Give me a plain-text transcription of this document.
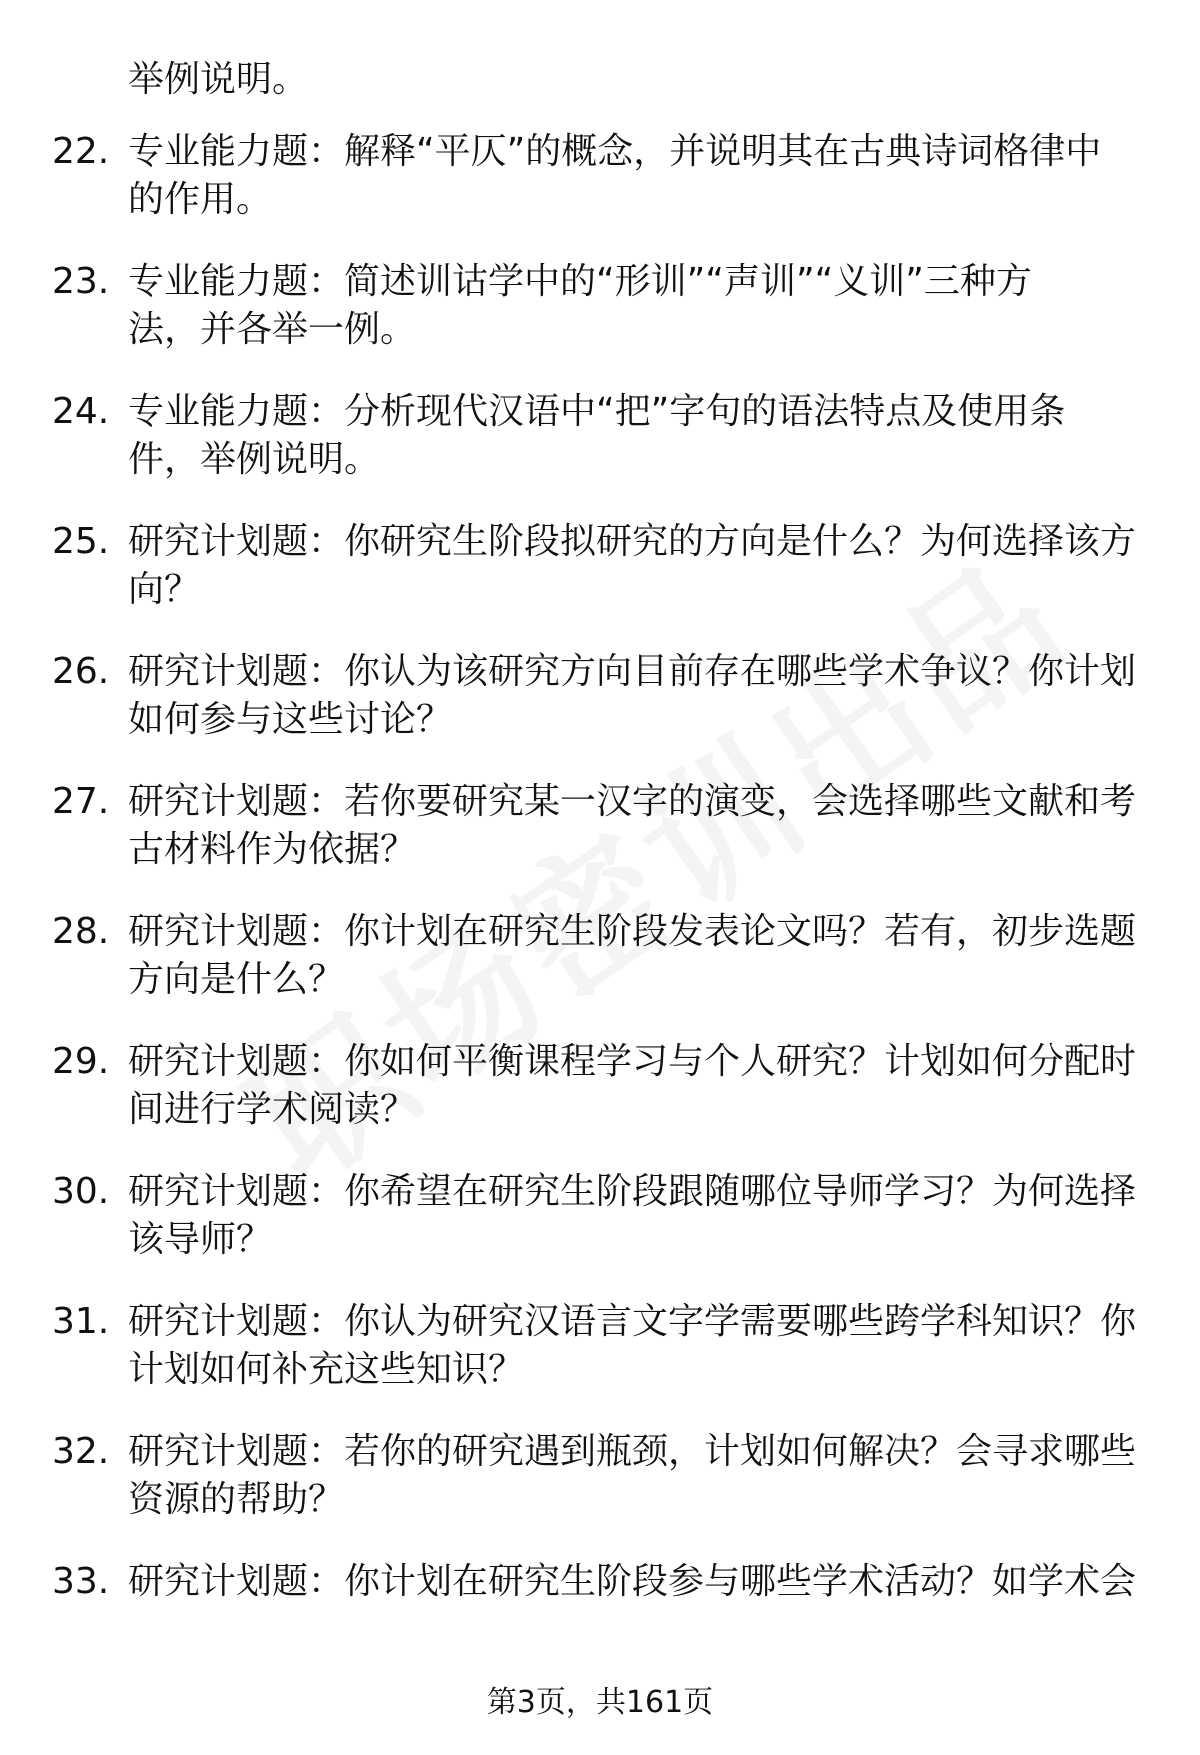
举例说明。
22. 专业能力题：解释“平仄”的概念，并说明其在古典诗词格律中
的作用。
23. 专业能力题：简述训诂学中的“形训”“声训”“义训”三种方
法，并各举一例。
24. 专业能力题：分析现代汉语中“把”字句的语法特点及使用条
件，举例说明。
25. 研究计划题：你研究生阶段拟研究的方向是什么？为何选择该方
向？
26. 研究计划题：你认为该研究方向目前存在哪些学术争议？你计划
如何参与这些讨论？
27. 研究计划题：若你要研究某一汉字的演变，会选择哪些文献和考
古材料作为依据？
28. 研究计划题：你计划在研究生阶段发表论文吗？若有，初步选题
方向是什么？
29. 研究计划题：你如何平衡课程学习与个人研究？计划如何分配时
间进行学术阅读？
30. 研究计划题：你希望在研究生阶段跟随哪位导师学习？为何选择
该导师？
31. 研究计划题：你认为研究汉语言文字学需要哪些跨学科知识？你
计划如何补充这些知识？
32. 研究计划题：若你的研究遇到瓶颈，计划如何解决？会寻求哪些
资源的帮助？
33. 研究计划题：你计划在研究生阶段参与哪些学术活动？如学术会
第3页，共161页
